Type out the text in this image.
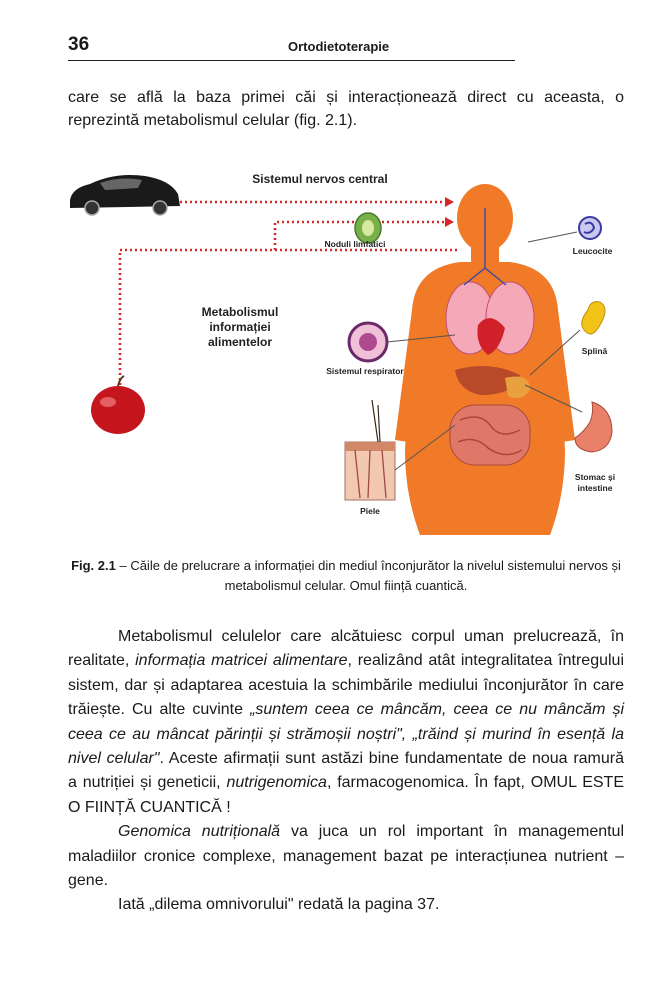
36	Ortodietoterapie
care se află la baza primei căi și interacționează direct cu aceasta, o reprezintă metabolismul celular (fig. 2.1).
Sistemul nervos central
Noduli limfatici
Leucocite
Metabolismul informației alimentelor
Splină
Sistemul respirator
Stomac și intestine
Piele
Fig. 2.1 – Căile de prelucrare a informației din mediul înconjurător la nivelul sistemului nervos și metabolismul celular. Omul ființă cuantică.

Metabolismul celulelor care alcătuiesc corpul uman prelucrează, în realitate, informația matricei alimentare, realizând atât integralitatea întregului sistem, dar și adaptarea acestuia la schimbările mediului înconjurător în care trăiește. Cu alte cuvinte „suntem ceea ce mâncăm, ceea ce nu mâncăm și ceea ce au mâncat părinții și strămoșii noștri", „trăind și murind în esență la nivel celular". Aceste afirmații sunt astăzi bine fundamentate de noua ramură a nutriției și geneticii, nutrigenomica, farmacogenomica. În fapt, OMUL ESTE O FIINȚĂ CUANTICĂ !

Genomica nutrițională va juca un rol important în managementul maladiilor cronice complexe, management bazat pe interacțiunea nutrient – gene.

Iată „dilema omnivorului" redată la pagina 37.
